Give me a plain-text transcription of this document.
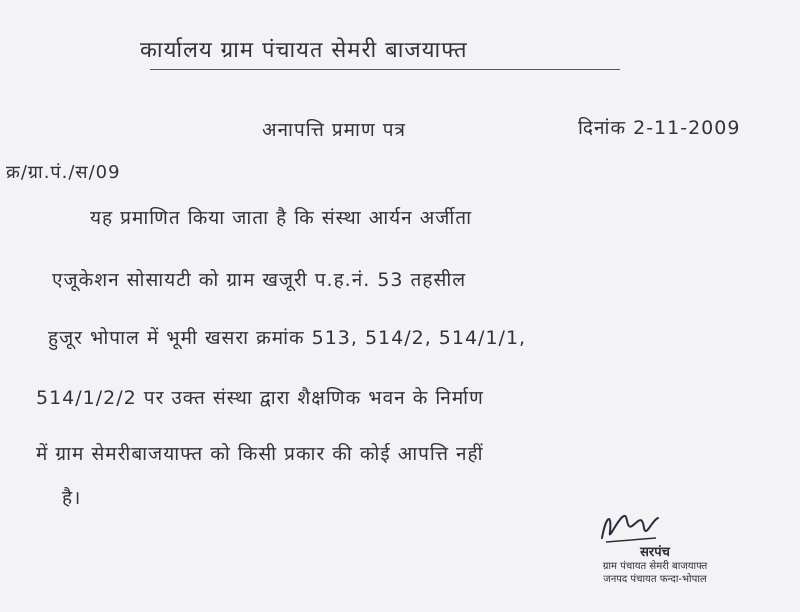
कार्यालय ग्राम पंचायत सेमरी बाजयाफ्त
अनापत्ति प्रमाण पत्र	दिनांक 2-11-2009
क्र/ग्रा.पं./स/09
यह प्रमाणित किया जाता है कि संस्था आर्यन अर्जीता
एजूकेशन सोसायटी को ग्राम खजूरी प.ह.नं. 53 तहसील
हुजूर भोपाल में भूमी खसरा क्रमांक 513, 514/2, 514/1/1,
514/1/2/2 पर उक्त संस्था द्वारा शैक्षणिक भवन के निर्माण
में ग्राम सेमरीबाजयाफ्त को किसी प्रकार की कोई आपत्ति नहीं
है।
सरपंच
ग्राम पंचायत सेमरी बाजयाफ्त
जनपद पंचायत फन्दा-भोपाल
